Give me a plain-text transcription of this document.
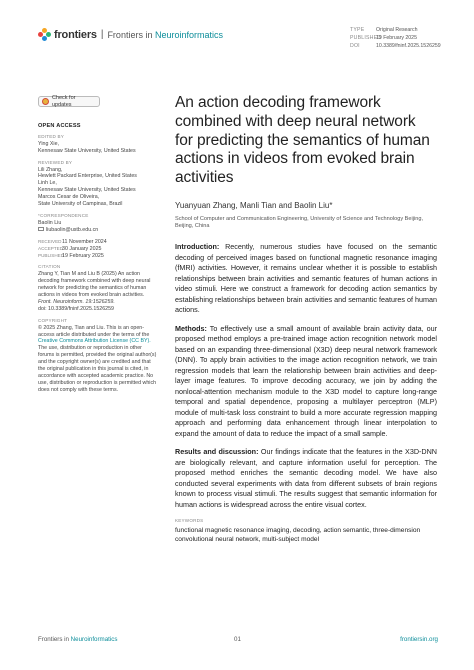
frontiers | Frontiers in Neuroinformatics	TYPE Original Research
PUBLISHED19 February 2025
DOI	10.3389/fninf.2025.1526259
Check for updates
OPEN ACCESS
EDITED BY
Ying Xie,
Kennesaw State University, United States
REVIEWED BY
Lili Zhang,
Hewlett Packard Enterprise, United States
Linh Le,
Kennesaw State University, United States
Marcos Cesar de Oliveira,
State University of Campinas, Brazil
*CORRESPONDENCE
Baolin Liu
liubaolin@ustb.edu.cn
RECEIVED11 November 2024
ACCEPTED30 January 2025
PUBLISHED19 February 2025
CITATION
Zhang Y, Tian M and Liu B (2025) An action decoding framework combined with deep neural network for predicting the semantics of human actions in videos from evoked brain activities.
Front. Neuroinform. 19:1526259.
doi: 10.3389/fninf.2025.1526259
COPYRIGHT
© 2025 Zhang, Tian and Liu. This is an open-access article distributed under the terms of the Creative Commons Attribution License (CC BY). The use, distribution or reproduction in other forums is permitted, provided the original author(s) and the copyright owner(s) are credited and that the original publication in this journal is cited, in accordance with accepted academic practice. No use, distribution or reproduction is permitted which does not comply with these terms.
An action decoding framework combined with deep neural network for predicting the semantics of human actions in videos from evoked brain activities
Yuanyuan Zhang, Manli Tian and Baolin Liu*
School of Computer and Communication Engineering, University of Science and Technology Beijing, Beijing, China

Introduction: Recently, numerous studies have focused on the semantic decoding of perceived images based on functional magnetic resonance imaging (fMRI) activities. However, it remains unclear whether it is possible to establish relationships between brain activities and semantic features of human actions in video stimuli. Here we construct a framework for decoding action semantics by establishing relationships between brain activities and semantic features of human actions.

Methods: To effectively use a small amount of available brain activity data, our proposed method employs a pre-trained image action recognition network model based on an expanding three-dimensional (X3D) deep neural network framework (DNN). To apply brain activities to the image action recognition network, we train regression models that learn the relationship between brain activities and deep-layer image features. To improve decoding accuracy, we join by adding the nonlocal-attention mechanism module to the X3D model to capture long-range temporal and spatial dependence, proposing a multilayer perceptron (MLP) module of multi-task loss constraint to build a more accurate regression mapping approach and performing data enhancement through linear interpolation to expand the amount of data to reduce the impact of a small sample.

Results and discussion: Our findings indicate that the features in the X3D-DNN are biologically relevant, and capture information useful for perception. The proposed method enriches the semantic decoding model. We have also conducted several experiments with data from different subsets of brain regions known to process visual stimuli. The results suggest that semantic information for human actions is widespread across the entire visual cortex.

KEYWORDS
functional magnetic resonance imaging, decoding, action semantic, three-dimension convolutional neural network, multi-subject model
Frontiers in Neuroinformatics	01	frontiersin.org
